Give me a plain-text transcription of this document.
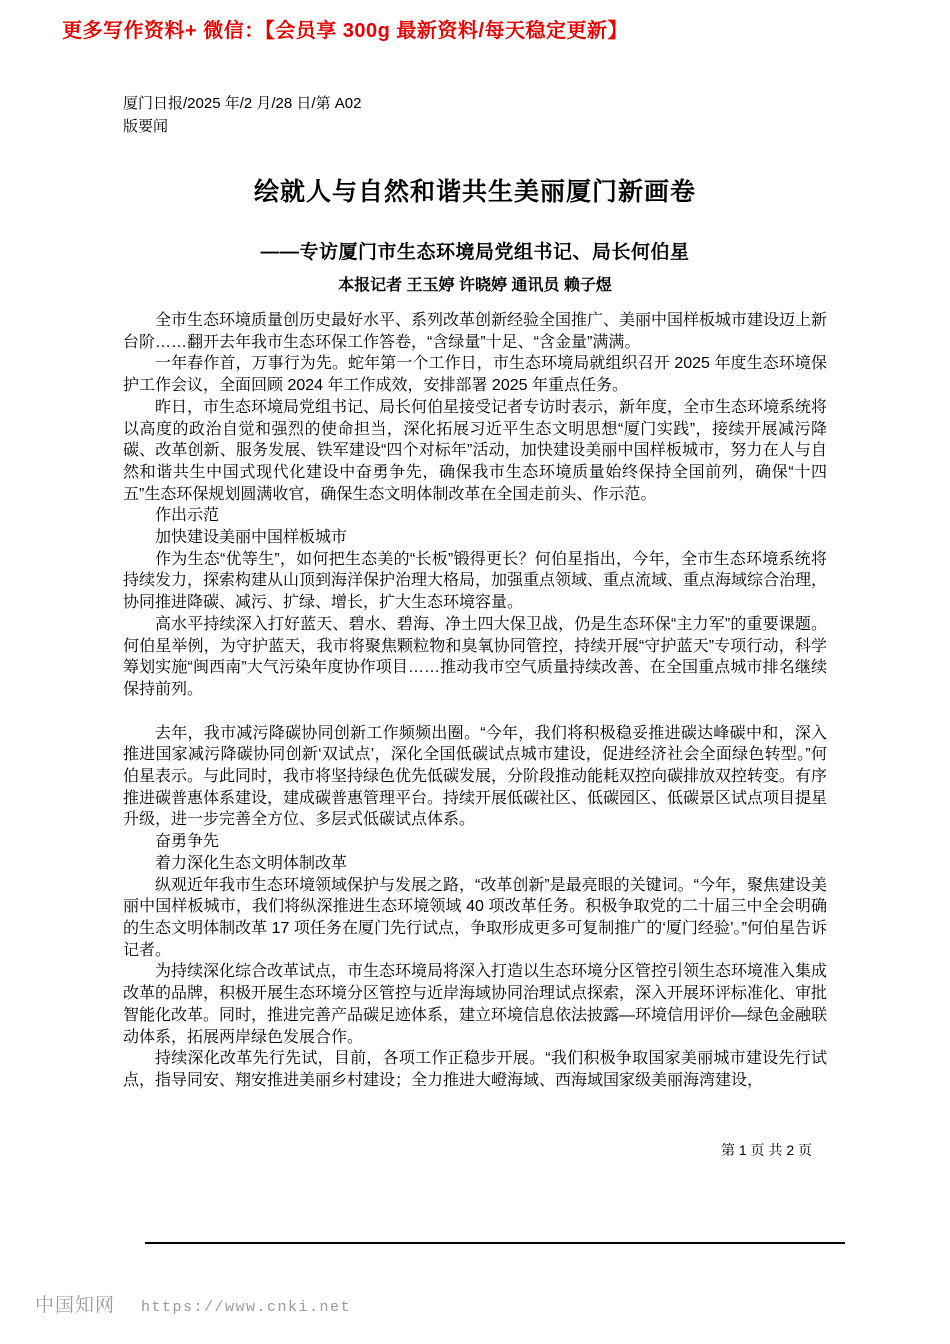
更多写作资料+ 微信：【会员享 300g 最新资料/每天稳定更新】
厦门日报/2025 年/2 月/28 日/第 A02
版要闻
绘就人与自然和谐共生美丽厦门新画卷
——专访厦门市生态环境局党组书记、局长何伯星
本报记者 王玉婷 许晓婷 通讯员 赖子煜

全市生态环境质量创历史最好水平、系列改革创新经验全国推广、美丽中国样板城市建设迈上新台阶……翻开去年我市生态环保工作答卷，“含绿量”十足、“含金量”满满。

一年春作首，万事行为先。蛇年第一个工作日，市生态环境局就组织召开 2025 年度生态环境保护工作会议，全面回顾 2024 年工作成效，安排部署 2025 年重点任务。

昨日，市生态环境局党组书记、局长何伯星接受记者专访时表示，新年度，全市生态环境系统将以高度的政治自觉和强烈的使命担当，深化拓展习近平生态文明思想“厦门实践”，接续开展减污降碳、改革创新、服务发展、铁军建设“四个对标年”活动，加快建设美丽中国样板城市，努力在人与自然和谐共生中国式现代化建设中奋勇争先，确保我市生态环境质量始终保持全国前列，确保“十四五”生态环保规划圆满收官，确保生态文明体制改革在全国走前头、作示范。

作出示范

加快建设美丽中国样板城市

作为生态“优等生”，如何把生态美的“长板”锻得更长？何伯星指出，今年，全市生态环境系统将持续发力，探索构建从山顶到海洋保护治理大格局，加强重点领域、重点流域、重点海域综合治理，协同推进降碳、减污、扩绿、增长，扩大生态环境容量。

高水平持续深入打好蓝天、碧水、碧海、净土四大保卫战，仍是生态环保“主力军”的重要课题。何伯星举例，为守护蓝天，我市将聚焦颗粒物和臭氧协同管控，持续开展“守护蓝天”专项行动，科学筹划实施“闽西南”大气污染年度协作项目……推动我市空气质量持续改善、在全国重点城市排名继续保持前列。

去年，我市减污降碳协同创新工作频频出圈。“今年，我们将积极稳妥推进碳达峰碳中和，深入推进国家减污降碳协同创新‘双试点’，深化全国低碳试点城市建设，促进经济社会全面绿色转型。”何伯星表示。与此同时，我市将坚持绿色优先低碳发展，分阶段推动能耗双控向碳排放双控转变。有序推进碳普惠体系建设，建成碳普惠管理平台。持续开展低碳社区、低碳园区、低碳景区试点项目提星升级，进一步完善全方位、多层式低碳试点体系。

奋勇争先

着力深化生态文明体制改革

纵观近年我市生态环境领域保护与发展之路，“改革创新”是最亮眼的关键词。“今年，聚焦建设美丽中国样板城市，我们将纵深推进生态环境领域 40 项改革任务。积极争取党的二十届三中全会明确的生态文明体制改革 17 项任务在厦门先行试点，争取形成更多可复制推广的‘厦门经验’。”何伯星告诉记者。

为持续深化综合改革试点，市生态环境局将深入打造以生态环境分区管控引领生态环境准入集成改革的品牌，积极开展生态环境分区管控与近岸海域协同治理试点探索，深入开展环评标准化、审批智能化改革。同时，推进完善产品碳足迹体系，建立环境信息依法披露—环境信用评价—绿色金融联动体系，拓展两岸绿色发展合作。

持续深化改革先行先试，目前，各项工作正稳步开展。“我们积极争取国家美丽城市建设先行试点，指导同安、翔安推进美丽乡村建设；全力推进大嶝海域、西海域国家级美丽海湾建设，

第 1 页 共 2 页
中国知网 https://www.cnki.net
